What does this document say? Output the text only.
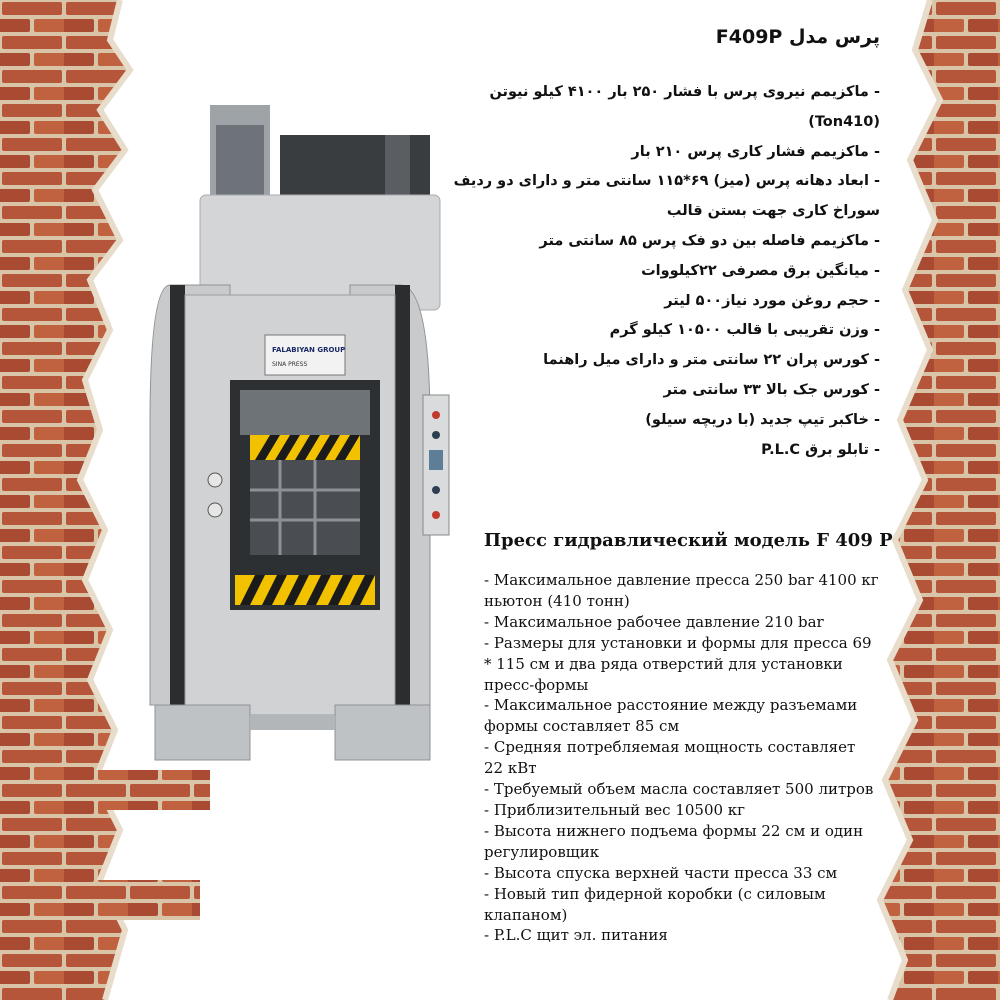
FALABIYAN GROUP
SINA PRESS
پرس مدل F409P
- ماکزیمم نیروی پرس با فشار ۲۵۰ بار ۴۱۰۰ کیلو نیوتن (Ton410)
- ماکزیمم فشار کاری پرس ۲۱۰ بار
- ابعاد دهانه پرس (میز) ۶۹*۱۱۵ سانتی متر و دارای دو ردیف سوراخ کاری جهت بستن قالب
- ماکزیمم فاصله بین دو فک پرس ۸۵ سانتی متر
- میانگین برق مصرفی ۲۲کیلووات
- حجم روغن مورد نیاز۵۰۰ لیتر
- وزن تقریبی با قالب ۱۰۵۰۰ کیلو گرم
- کورس پران ۲۲ سانتی متر و دارای میل راهنما
- کورس جک بالا ۳۳ سانتی متر
- خاکبر تیپ جدید (با دریچه سیلو)
- تابلو برق P.L.C
Пресс гидравлический модель F 409 P
- Максимальное давление пресса 250 bar 4100 кг ньютон (410 тонн)
- Максимальное рабочее давление 210 bar
- Размеры для установки и формы для пресса 69 * 115 см и два ряда отверстий для установки пресс-формы
- Максимальное расстояние между разъемами формы составляет 85 см
- Средняя потребляемая мощность составляет 22 кВт
- Требуемый объем масла составляет 500 литров
- Приблизительный вес 10500 кг
- Высота нижнего подъема формы 22 см и один регулировщик
- Высота спуска верхней части пресса 33 см
- Новый тип фидерной коробки (с силовым клапаном)
- P.L.C щит эл. питания
